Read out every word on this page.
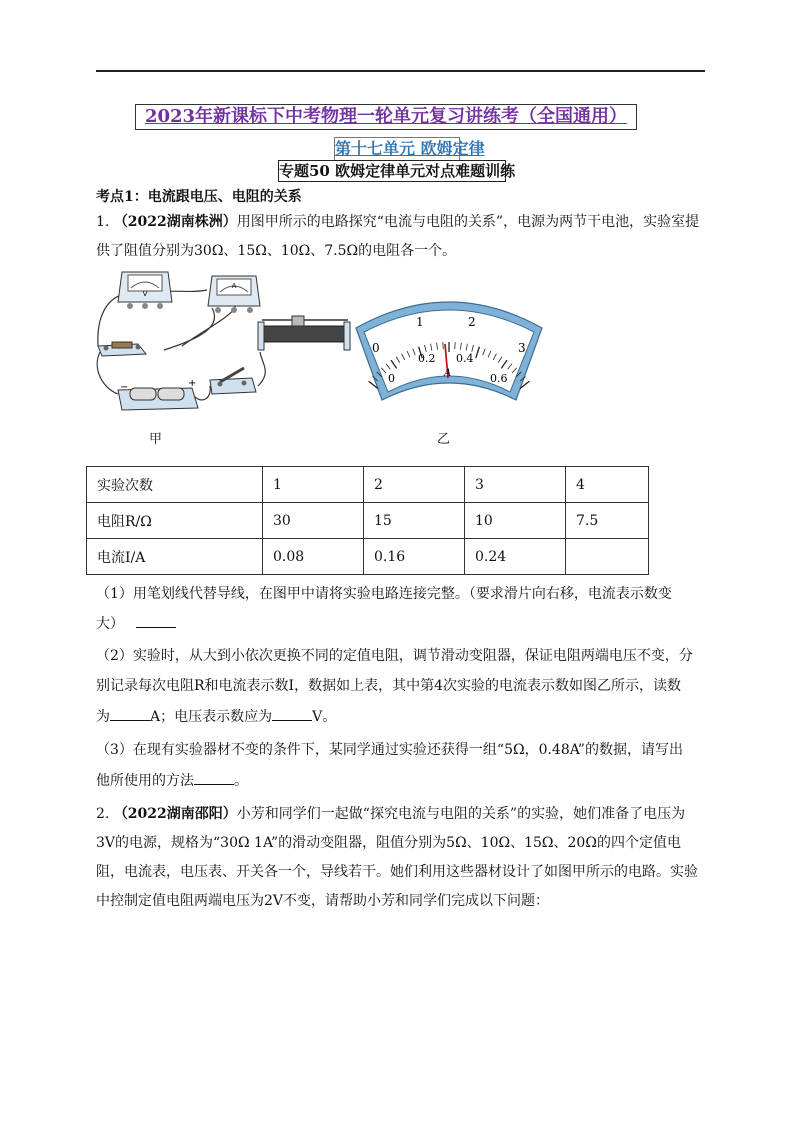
2023年新课标下中考物理一轮单元复习讲练考（全国通用）
第十七单元 欧姆定律
专题50 欧姆定律单元对点难题训练
考点1：电流跟电压、电阻的关系
1. （2022湖南株洲）用图甲所示的电路探究“电流与电阻的关系”，电源为两节干电池，实验室提
供了阻值分别为30Ω、15Ω、10Ω、7.5Ω的电阻各一个。
V
A
−	+
甲
0
1	2
3
0
0.2 0.4
0.6
A
乙
实验次数	1	2	3	4
电阻R/Ω	30	15	10	7.5
电流I/A	0.08	0.16	0.24	
（1）用笔划线代替导线，在图甲中请将实验电路连接完整。（要求滑片向右移，电流表示数变
大）
（2）实验时，从大到小依次更换不同的定值电阻，调节滑动变阻器，保证电阻两端电压不变，分
别记录每次电阻R和电流表示数I，数据如上表，其中第4次实验的电流表示数如图乙所示，读数
为	A；电压表示数应为	V。
（3）在现有实验器材不变的条件下，某同学通过实验还获得一组“5Ω，0.48A”的数据，请写出
他所使用的方法	。
2. （2022湖南邵阳）小芳和同学们一起做“探究电流与电阻的关系”的实验，她们准备了电压为
3V的电源，规格为“30Ω 1A”的滑动变阻器，阻值分别为5Ω、10Ω、15Ω、20Ω的四个定值电
阻，电流表，电压表、开关各一个，导线若干。她们利用这些器材设计了如图甲所示的电路。实验
中控制定值电阻两端电压为2V不变，请帮助小芳和同学们完成以下问题：
